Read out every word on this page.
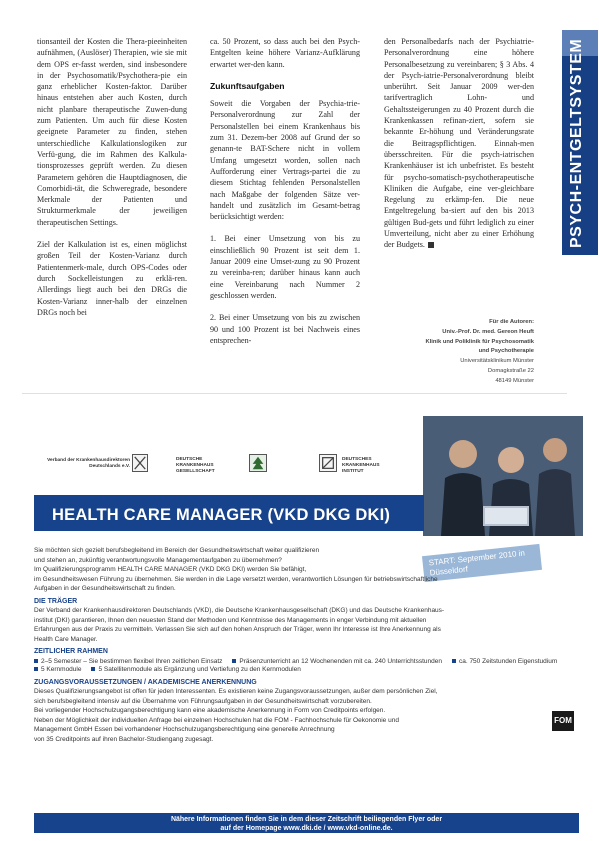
tionsanteil der Kosten die Thera-pieeinheiten aufnähmen, (Auslöser) Therapien, wie sie mit dem OPS er-fasst werden, sind insbesondere in der Psychosomatik/Psychothera-pie ein ganz erheblicher Kosten-faktor. Darüber hinaus entstehen aber auch Kosten, durch nicht planbare therapeutische Zuwen-dung zum Patienten. Um auch für diese Kosten geeignete Parameter zu finden, stehen unterschiedliche Kalkulationslogiken zur Verfü-gung, die im Rahmen des Kalkula-tionsprozesses geprüft werden. Zu diesen Parametern gehören die Hauptdiagnosen, die Comorbidi-tät, die Schweregrade, besondere Merkmale der Patienten und Strukturmerkmale der jeweiligen therapeutischen Settings.

Ziel der Kalkulation ist es, einen möglichst großen Teil der Kosten-Varianz durch Patientenmerk-male, durch OPS-Codes oder durch Sockelleistungen zu erklä-ren. Allerdings liegt auch bei den DRGs die Kosten-Varianz inner-halb der einzelnen DRGs noch bei

ca. 50 Prozent, so dass auch bei den Psych-Entgelten keine höhere Varianz-Aufklärung erwartet wer-den kann.

Zukunftsaufgaben

Soweit die Vorgaben der Psychia-trie-Personalverordnung zur Zahl der Personalstellen bei einem Krankenhaus bis zum 31. Dezem-ber 2008 auf Grund der so genann-te BAT-Schere nicht in vollem Umfang umgesetzt worden, sollen nach Aufforderung einer Vertrags-partei die zu diesem Stichtag fehlenden Personalstellen nach Maßgabe der folgenden Sätze ver-handelt und zusätzlich im Gesamt-betrag berücksichtigt werden:

1. Bei einer Umsetzung von bis zu einschließlich 90 Prozent ist seit dem 1. Januar 2009 eine Umset-zung zu 90 Prozent zu vereinba-ren; darüber hinaus kann auch eine Vereinbarung nach Nummer 2 geschlossen werden.

2. Bei einer Umsetzung von bis zu zwischen 90 und 100 Prozent ist bei Nachweis eines entsprechen-

den Personalbedarfs nach der Psychiatrie-Personalverordnung eine höhere Personalbesetzung zu vereinbaren; § 3 Abs. 4 der Psych-iatrie-Personalverordnung bleibt unberührt. Seit Januar 2009 wer-den tarifvertraglich Lohn- und Gehaltssteigerungen zu 40 Prozent durch die Krankenkassen refinan-ziert, sofern sie bekannte Er-höhung und Veränderungsrate die Beitragspflichtigen. Einnah-men übersschreiten. Für die psych-iatrischen Krankenhäuser ist ich unbefristet. Es besteht für psycho-somatisch-psychotherapeutische Kliniken die Aufgabe, eine ver-gleichbare Regelung zu erkämp-fen. Die neue Entgeltregelung ba-siert auf den bis 2013 gültigen Bud-gets und führt lediglich zu einer Umverteilung, nicht aber zu einer Erhöhung der Budgets.

Für die Autoren:
Univ.-Prof. Dr. med. Gereon Heuft
Klinik und Poliklinik für Psychosomatik
und Psychotherapie
Universitätsklinikum Münster
Domagkstraße 22
48149 Münster
PSYCH-ENTGELTSYSTEM
Verband der Krankenhausdirektoren Deutschlands e.V.
DEUTSCHE KRANKENHAUS GESELLSCHAFT
DEUTSCHES KRANKENHAUS INSTITUT
HEALTH CARE MANAGER (VKD DKG DKI)
START: September 2010 in Düsseldorf

Sie möchten sich gezielt berufsbegleitend im Bereich der Gesundheitswirtschaft weiter qualifizieren

und stehen an, zukünftig verantwortungsvolle Managementaufgaben zu übernehmen?

Im Qualifizierungsprogramm HEALTH CARE MANAGER (VKD DKG DKI) werden Sie befähigt,

im Gesundheitswesen Führung zu übernehmen. Sie werden in die Lage versetzt werden, verantwortlich Lösungen für betriebswirtschaftliche

Aufgaben in der Gesundheitswirtschaft zu finden.

DIE TRÄGER

Der Verband der Krankenhausdirektoren Deutschlands (VKD), die Deutsche Krankenhausgesellschaft (DKG) und das Deutsche Krankenhaus-

institut (DKI) garantieren, Ihnen den neuesten Stand der Methoden und Kenntnisse des Managements in enger Verbindung mit aktuellen

Erfahrungen aus der Praxis zu vermitteln. Verlassen Sie sich auf den hohen Anspruch der Träger, wenn Ihr Interesse ist Ihre Anerkennung als

Health Care Manager.

ZEITLICHER RAHMEN
2–5 Semester – Sie bestimmen flexibel Ihren zeitlichen Einsatz	Präsenzunterricht an 12 Wochenenden mit ca. 240 Unterrichtsstunden	ca. 750 Zeitstunden Eigenstudium
5 Kernmodule	5 Satellitenmodule als Ergänzung und Vertiefung zu den Kernmodulen
ZUGANGSVORAUSSETZUNGEN / AKADEMISCHE ANERKENNUNG

Dieses Qualifizierungsangebot ist offen für jeden Interessenten. Es existieren keine Zugangsvoraussetzungen, außer dem persönlichen Ziel,

sich berufsbegleitend intensiv auf die Übernahme von Führungsaufgaben in der Gesundheitswirtschaft vorzubereiten.

Bei vorliegender Hochschulzugangsberechtigung kann eine akademische Anerkennung in Form von Creditpoints erfolgen.

Neben der Möglichkeit der individuellen Anfrage bei einzelnen Hochschulen hat die FOM - Fachhochschule für Oekonomie und

Management GmbH Essen bei vorhandener Hochschulzugangsberechtigung eine generelle Anrechnung

von 35 Creditpoints auf ihren Bachelor-Studiengang zugesagt.

FOM
Nähere Informationen finden Sie in dem dieser Zeitschrift beiliegenden Flyer oder
auf der Homepage www.dki.de / www.vkd-online.de.
